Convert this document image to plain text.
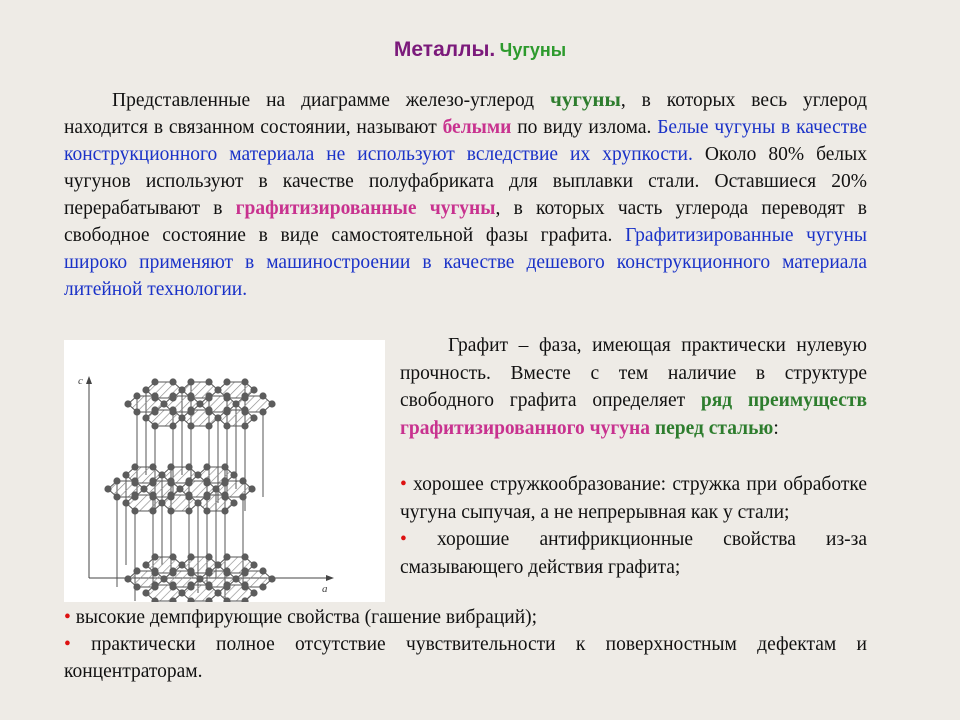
Металлы. Чугуны
Представленные на диаграмме железо-углерод чугуны, в которых весь углерод находится в связанном состоянии, называют белыми по виду излома. Белые чугуны в качестве конструкционного материала не используют вследствие их хрупкости. Около 80% белых чугунов используют в качестве полуфабриката для выплавки стали. Оставшиеся 20% перерабатывают в графитизированные чугуны, в которых часть углерода переводят в свободное состояние в виде самостоятельной фазы графита. Графитизированные чугуны широко применяют в машиностроении в качестве дешевого конструкционного материала литейной технологии.
c
a
Графит – фаза, имеющая практически нулевую прочность. Вместе с тем наличие в структуре свободного графита определяет ряд преимуществ графитизированного чугуна перед сталью:
• хорошее стружкообразование: стружка при обработке чугуна сыпучая, а не непрерывная как у стали;
• хорошие антифрикционные свойства из-за смазывающего действия графита;
• высокие демпфирующие свойства (гашение вибраций);
• практически полное отсутствие чувствительности к поверхностным дефектам и концентраторам.
